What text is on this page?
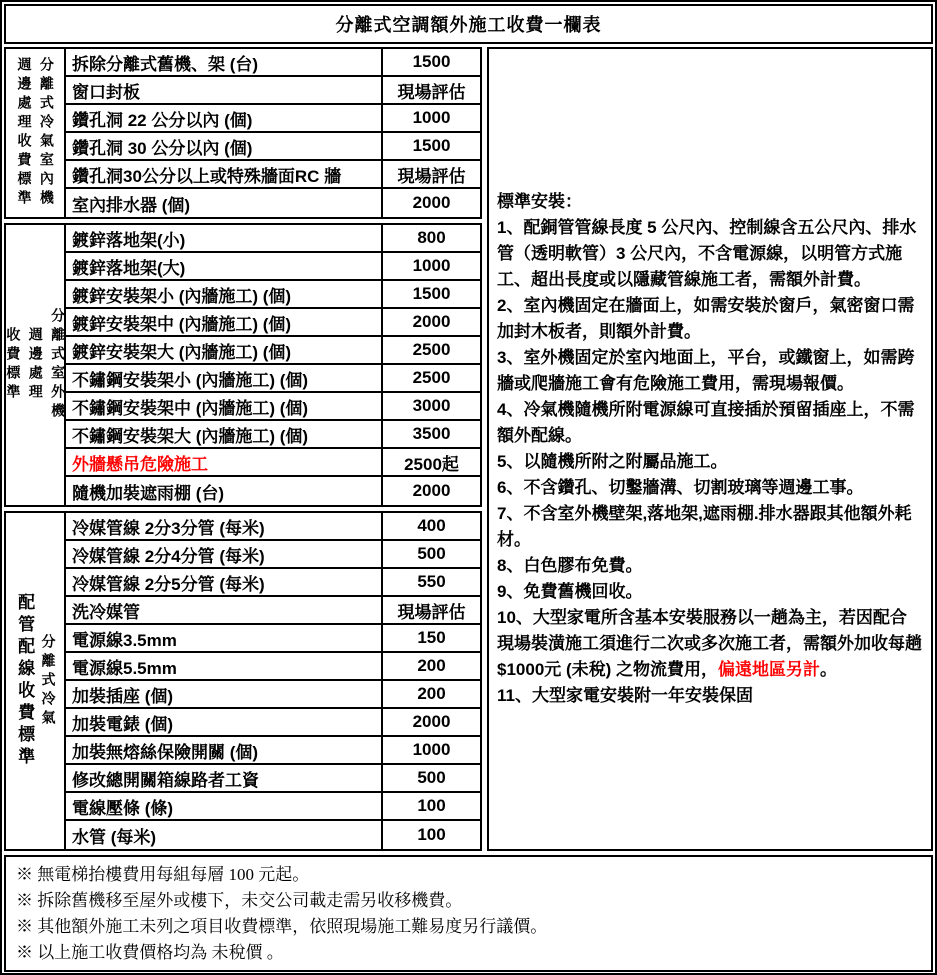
分離式空調額外施工收費一欄表
週邊處理收費標準 分離式冷氣室內機	拆除分離式舊機、架 (台)	1500
窗口封板	現場評估
鑽孔洞 22 公分以內 (個)	1000
鑽孔洞 30 公分以內 (個)	1500
鑽孔洞30公分以上或特殊牆面RC 牆	現場評估
室內排水器 (個)	2000
收費標準 週邊處理 分離式室外機
鍍鋅落地架(小)	800
鍍鋅落地架(大)	1000
鍍鋅安裝架小 (內牆施工) (個)	1500
鍍鋅安裝架中 (內牆施工) (個)	2000
鍍鋅安裝架大 (內牆施工) (個)	2500
不鏽鋼安裝架小 (內牆施工) (個)	2500
不鏽鋼安裝架中 (內牆施工) (個)	3000
不鏽鋼安裝架大 (內牆施工) (個)	3500
外牆懸吊危險施工	2500起
隨機加裝遮雨棚 (台)	2000
配管配線收費標準 分離式冷氣
冷媒管線 2分3分管 (每米)	400
冷媒管線 2分4分管 (每米)	500
冷媒管線 2分5分管 (每米)	550
洗冷媒管	現場評估
電源線3.5mm	150
電源線5.5mm	200
加裝插座 (個)	200
加裝電錶 (個)	2000
加裝無熔絲保險開關 (個)	1000
修改總開關箱線路者工資	500
電線壓條 (條)	100
水管 (每米)	100
標準安裝：
1、配銅管管線長度 5 公尺內、控制線含五公尺內、排水管（透明軟管）3 公尺內，不含電源線，以明管方式施工、超出長度或以隱藏管線施工者，需額外計費。
2、室內機固定在牆面上，如需安裝於窗戶，氣密窗口需加封木板者，則額外計費。
3、室外機固定於室內地面上，平台，或鐵窗上，如需跨牆或爬牆施工會有危險施工費用，需現場報價。
4、冷氣機隨機所附電源線可直接插於預留插座上，不需額外配線。
5、以隨機所附之附屬品施工。
6、不含鑽孔、切鑿牆溝、切割玻璃等週邊工事。
7、不含室外機壁架,落地架,遮雨棚.排水器跟其他額外耗材。
8、白色膠布免費。
9、免費舊機回收。
10、大型家電所含基本安裝服務以一趟為主，若因配合現場裝潢施工須進行二次或多次施工者，需額外加收每趟 $1000元 (未稅) 之物流費用，偏遠地區另計。
11、大型家電安裝附一年安裝保固
※ 無電梯抬樓費用每組每層 100 元起。
※ 拆除舊機移至屋外或樓下，未交公司載走需另收移機費。
※ 其他額外施工未列之項目收費標準，依照現場施工難易度另行議價。
※ 以上施工收費價格均為 未稅價 。
